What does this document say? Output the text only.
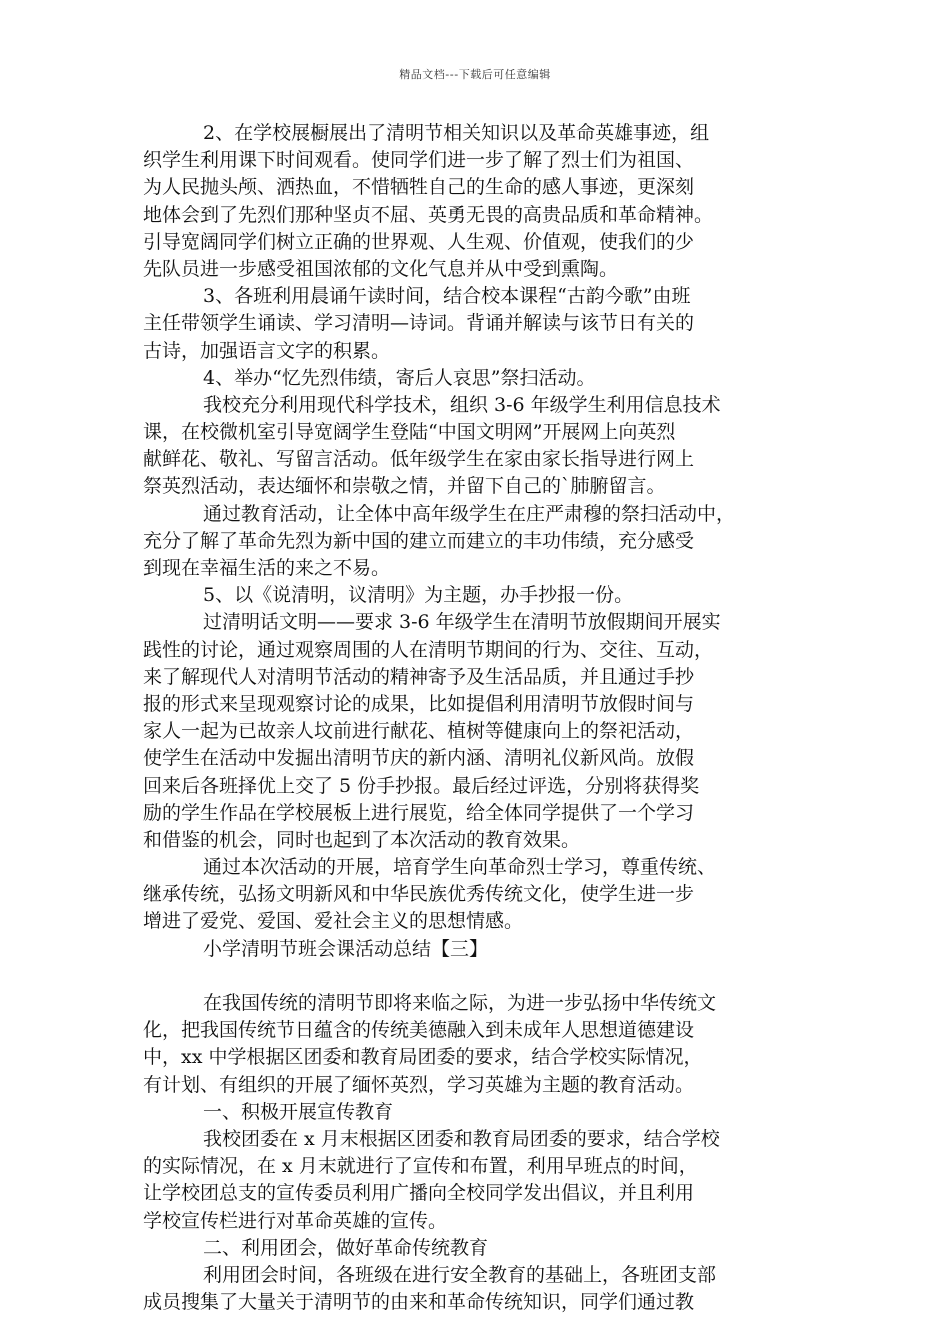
精品文档---下载后可任意编辑
2、在学校展橱展出了清明节相关知识以及革命英雄事迹，组
织学生利用课下时间观看。使同学们进一步了解了烈士们为祖国、
为人民抛头颅、洒热血，不惜牺牲自己的生命的感人事迹，更深刻
地体会到了先烈们那种坚贞不屈、英勇无畏的高贵品质和革命精神。
引导宽阔同学们树立正确的世界观、人生观、价值观，使我们的少
先队员进一步感受祖国浓郁的文化气息并从中受到熏陶。
3、各班利用晨诵午读时间，结合校本课程“古韵今歌”由班
主任带领学生诵读、学习清明—诗词。背诵并解读与该节日有关的
古诗，加强语言文字的积累。
4、举办“忆先烈伟绩，寄后人哀思”祭扫活动。
我校充分利用现代科学技术，组织 3-6 年级学生利用信息技术
课，在校微机室引导宽阔学生登陆“中国文明网”开展网上向英烈
献鲜花、敬礼、写留言活动。低年级学生在家由家长指导进行网上
祭英烈活动，表达缅怀和崇敬之情，并留下自己的`肺腑留言。
通过教育活动，让全体中高年级学生在庄严肃穆的祭扫活动中，
充分了解了革命先烈为新中国的建立而建立的丰功伟绩，充分感受
到现在幸福生活的来之不易。
5、以《说清明，议清明》为主题，办手抄报一份。
过清明话文明——要求 3-6 年级学生在清明节放假期间开展实
践性的讨论，通过观察周围的人在清明节期间的行为、交往、互动，
来了解现代人对清明节活动的精神寄予及生活品质，并且通过手抄
报的形式来呈现观察讨论的成果，比如提倡利用清明节放假时间与
家人一起为已故亲人坟前进行献花、植树等健康向上的祭祀活动，
使学生在活动中发掘出清明节庆的新内涵、清明礼仪新风尚。放假
回来后各班择优上交了 5 份手抄报。最后经过评选，分别将获得奖
励的学生作品在学校展板上进行展览，给全体同学提供了一个学习
和借鉴的机会，同时也起到了本次活动的教育效果。
通过本次活动的开展，培育学生向革命烈士学习，尊重传统、
继承传统，弘扬文明新风和中华民族优秀传统文化，使学生进一步
增进了爱党、爱国、爱社会主义的思想情感。
小学清明节班会课活动总结【三】
在我国传统的清明节即将来临之际，为进一步弘扬中华传统文
化，把我国传统节日蕴含的传统美德融入到未成年人思想道德建设
中，xx 中学根据区团委和教育局团委的要求，结合学校实际情况，
有计划、有组织的开展了缅怀英烈，学习英雄为主题的教育活动。
一、积极开展宣传教育
我校团委在 x 月末根据区团委和教育局团委的要求，结合学校
的实际情况，在 x 月末就进行了宣传和布置，利用早班点的时间，
让学校团总支的宣传委员利用广播向全校同学发出倡议，并且利用
学校宣传栏进行对革命英雄的宣传。
二、利用团会，做好革命传统教育
利用团会时间，各班级在进行安全教育的基础上，各班团支部
成员搜集了大量关于清明节的由来和革命传统知识，同学们通过教
